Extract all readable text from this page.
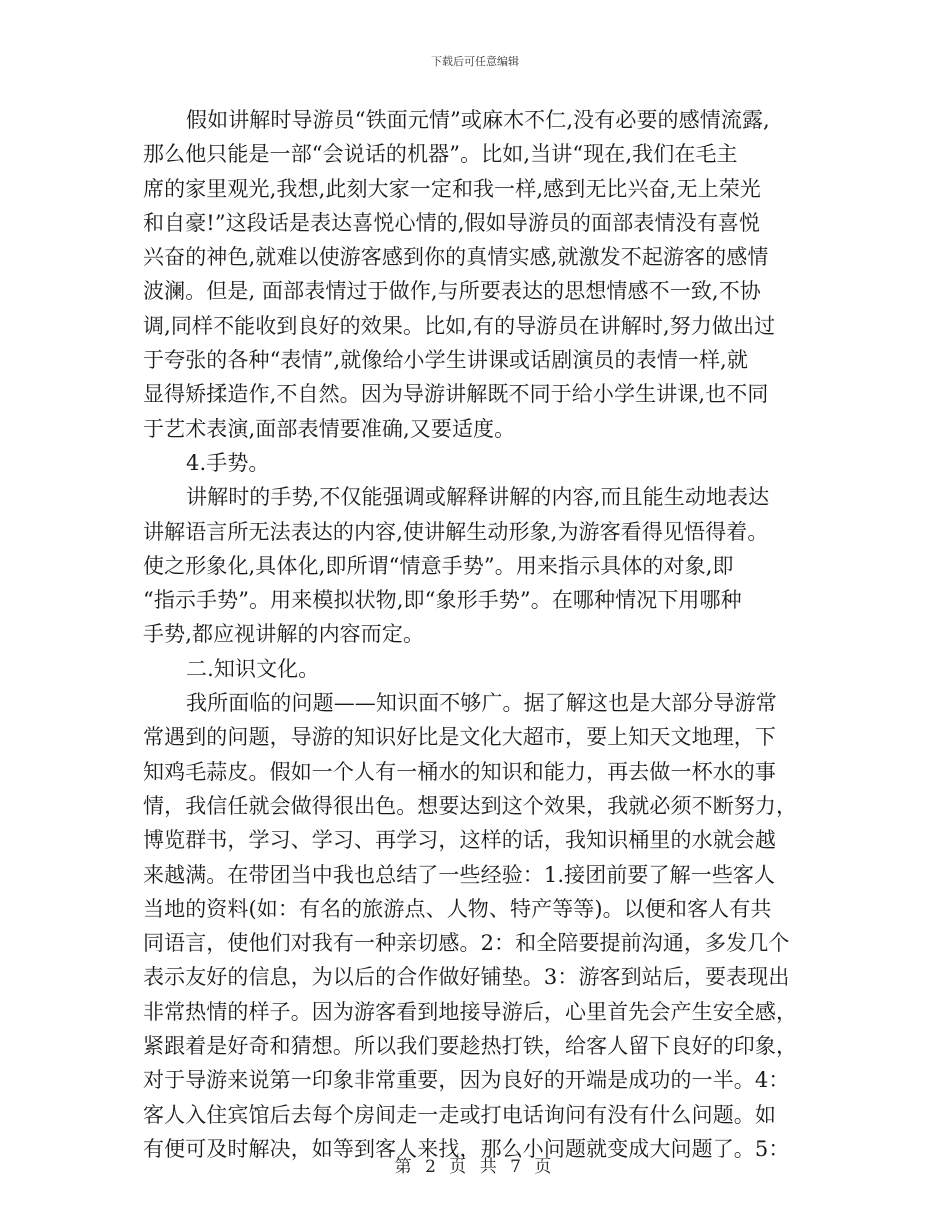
下载后可任意编辑
假如讲解时导游员“铁面元情”或麻木不仁,没有必要的感情流露,
那么他只能是一部“会说话的机器”。比如,当讲“现在,我们在毛主
席的家里观光,我想,此刻大家一定和我一样,感到无比兴奋,无上荣光
和自豪!”这段话是表达喜悦心情的,假如导游员的面部表情没有喜悦
兴奋的神色,就难以使游客感到你的真情实感,就激发不起游客的感情
波澜。但是, 面部表情过于做作,与所要表达的思想情感不一致,不协
调,同样不能收到良好的效果。比如,有的导游员在讲解时,努力做出过
于夸张的各种“表情”,就像给小学生讲课或话剧演员的表情一样,就
显得矫揉造作,不自然。因为导游讲解既不同于给小学生讲课,也不同
于艺术表演,面部表情要准确,又要适度。
4.手势。
讲解时的手势,不仅能强调或解释讲解的内容,而且能生动地表达
讲解语言所无法表达的内容,使讲解生动形象,为游客看得见悟得着。
使之形象化,具体化,即所谓“情意手势”。用来指示具体的对象,即
“指示手势”。用来模拟状物,即“象形手势”。在哪种情况下用哪种
手势,都应视讲解的内容而定。
二.知识文化。
我所面临的问题——知识面不够广。据了解这也是大部分导游常
常遇到的问题，导游的知识好比是文化大超市，要上知天文地理，下
知鸡毛蒜皮。假如一个人有一桶水的知识和能力，再去做一杯水的事
情，我信任就会做得很出色。想要达到这个效果，我就必须不断努力，
博览群书，学习、学习、再学习，这样的话，我知识桶里的水就会越
来越满。在带团当中我也总结了一些经验：1.接团前要了解一些客人
当地的资料(如：有名的旅游点、人物、特产等等)。以便和客人有共
同语言，使他们对我有一种亲切感。2：和全陪要提前沟通，多发几个
表示友好的信息，为以后的合作做好铺垫。3：游客到站后，要表现出
非常热情的样子。因为游客看到地接导游后，心里首先会产生安全感，
紧跟着是好奇和猜想。所以我们要趁热打铁，给客人留下良好的印象，
对于导游来说第一印象非常重要，因为良好的开端是成功的一半。4：
客人入住宾馆后去每个房间走一走或打电话询问有没有什么问题。如
有便可及时解决，如等到客人来找，那么小问题就变成大问题了。5：
第 2 页 共 7 页
